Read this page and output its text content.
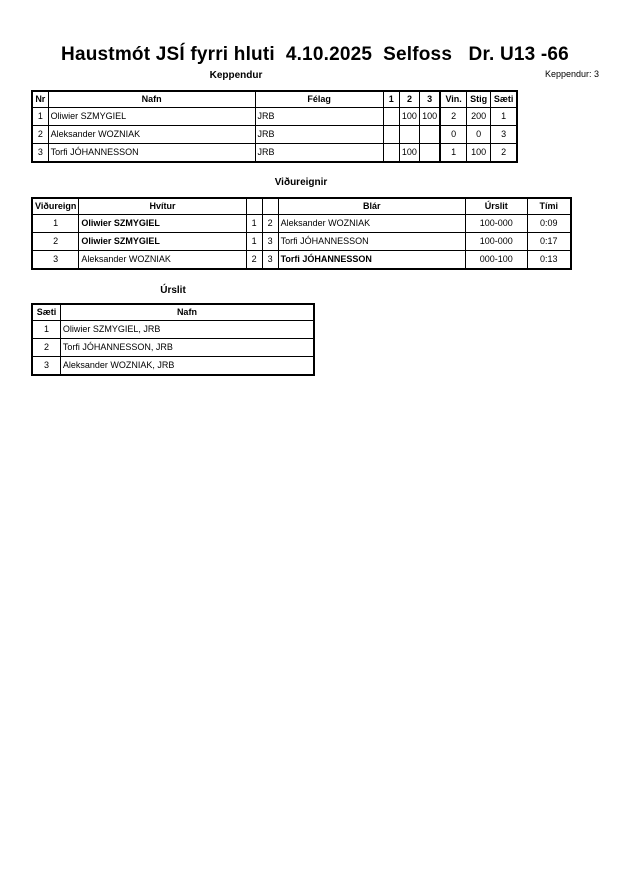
Haustmót JSÍ fyrri hluti  4.10.2025  Selfoss   Dr. U13 -66
Keppendur: 3
Keppendur
Nr	Nafn	Félag	1	2	3	Vin.	Stig	Sæti
1	Oliwier SZMYGIEL	JRB		100	100	2	200	1
2	Aleksander WOZNIAK	JRB				0	0	3
3	Torfi JÓHANNESSON	JRB		100		1	100	2
Viðureignir
Viðureign	Hvítur			Blár	Úrslit	Tími
1	Oliwier SZMYGIEL	1	2	Aleksander WOZNIAK	100-000	0:09
2	Oliwier SZMYGIEL	1	3	Torfi JÓHANNESSON	100-000	0:17
3	Aleksander WOZNIAK	2	3	Torfi JÓHANNESSON	000-100	0:13
Úrslit
Sæti	Nafn
1	Oliwier SZMYGIEL, JRB
2	Torfi JÓHANNESSON, JRB
3	Aleksander WOZNIAK, JRB
